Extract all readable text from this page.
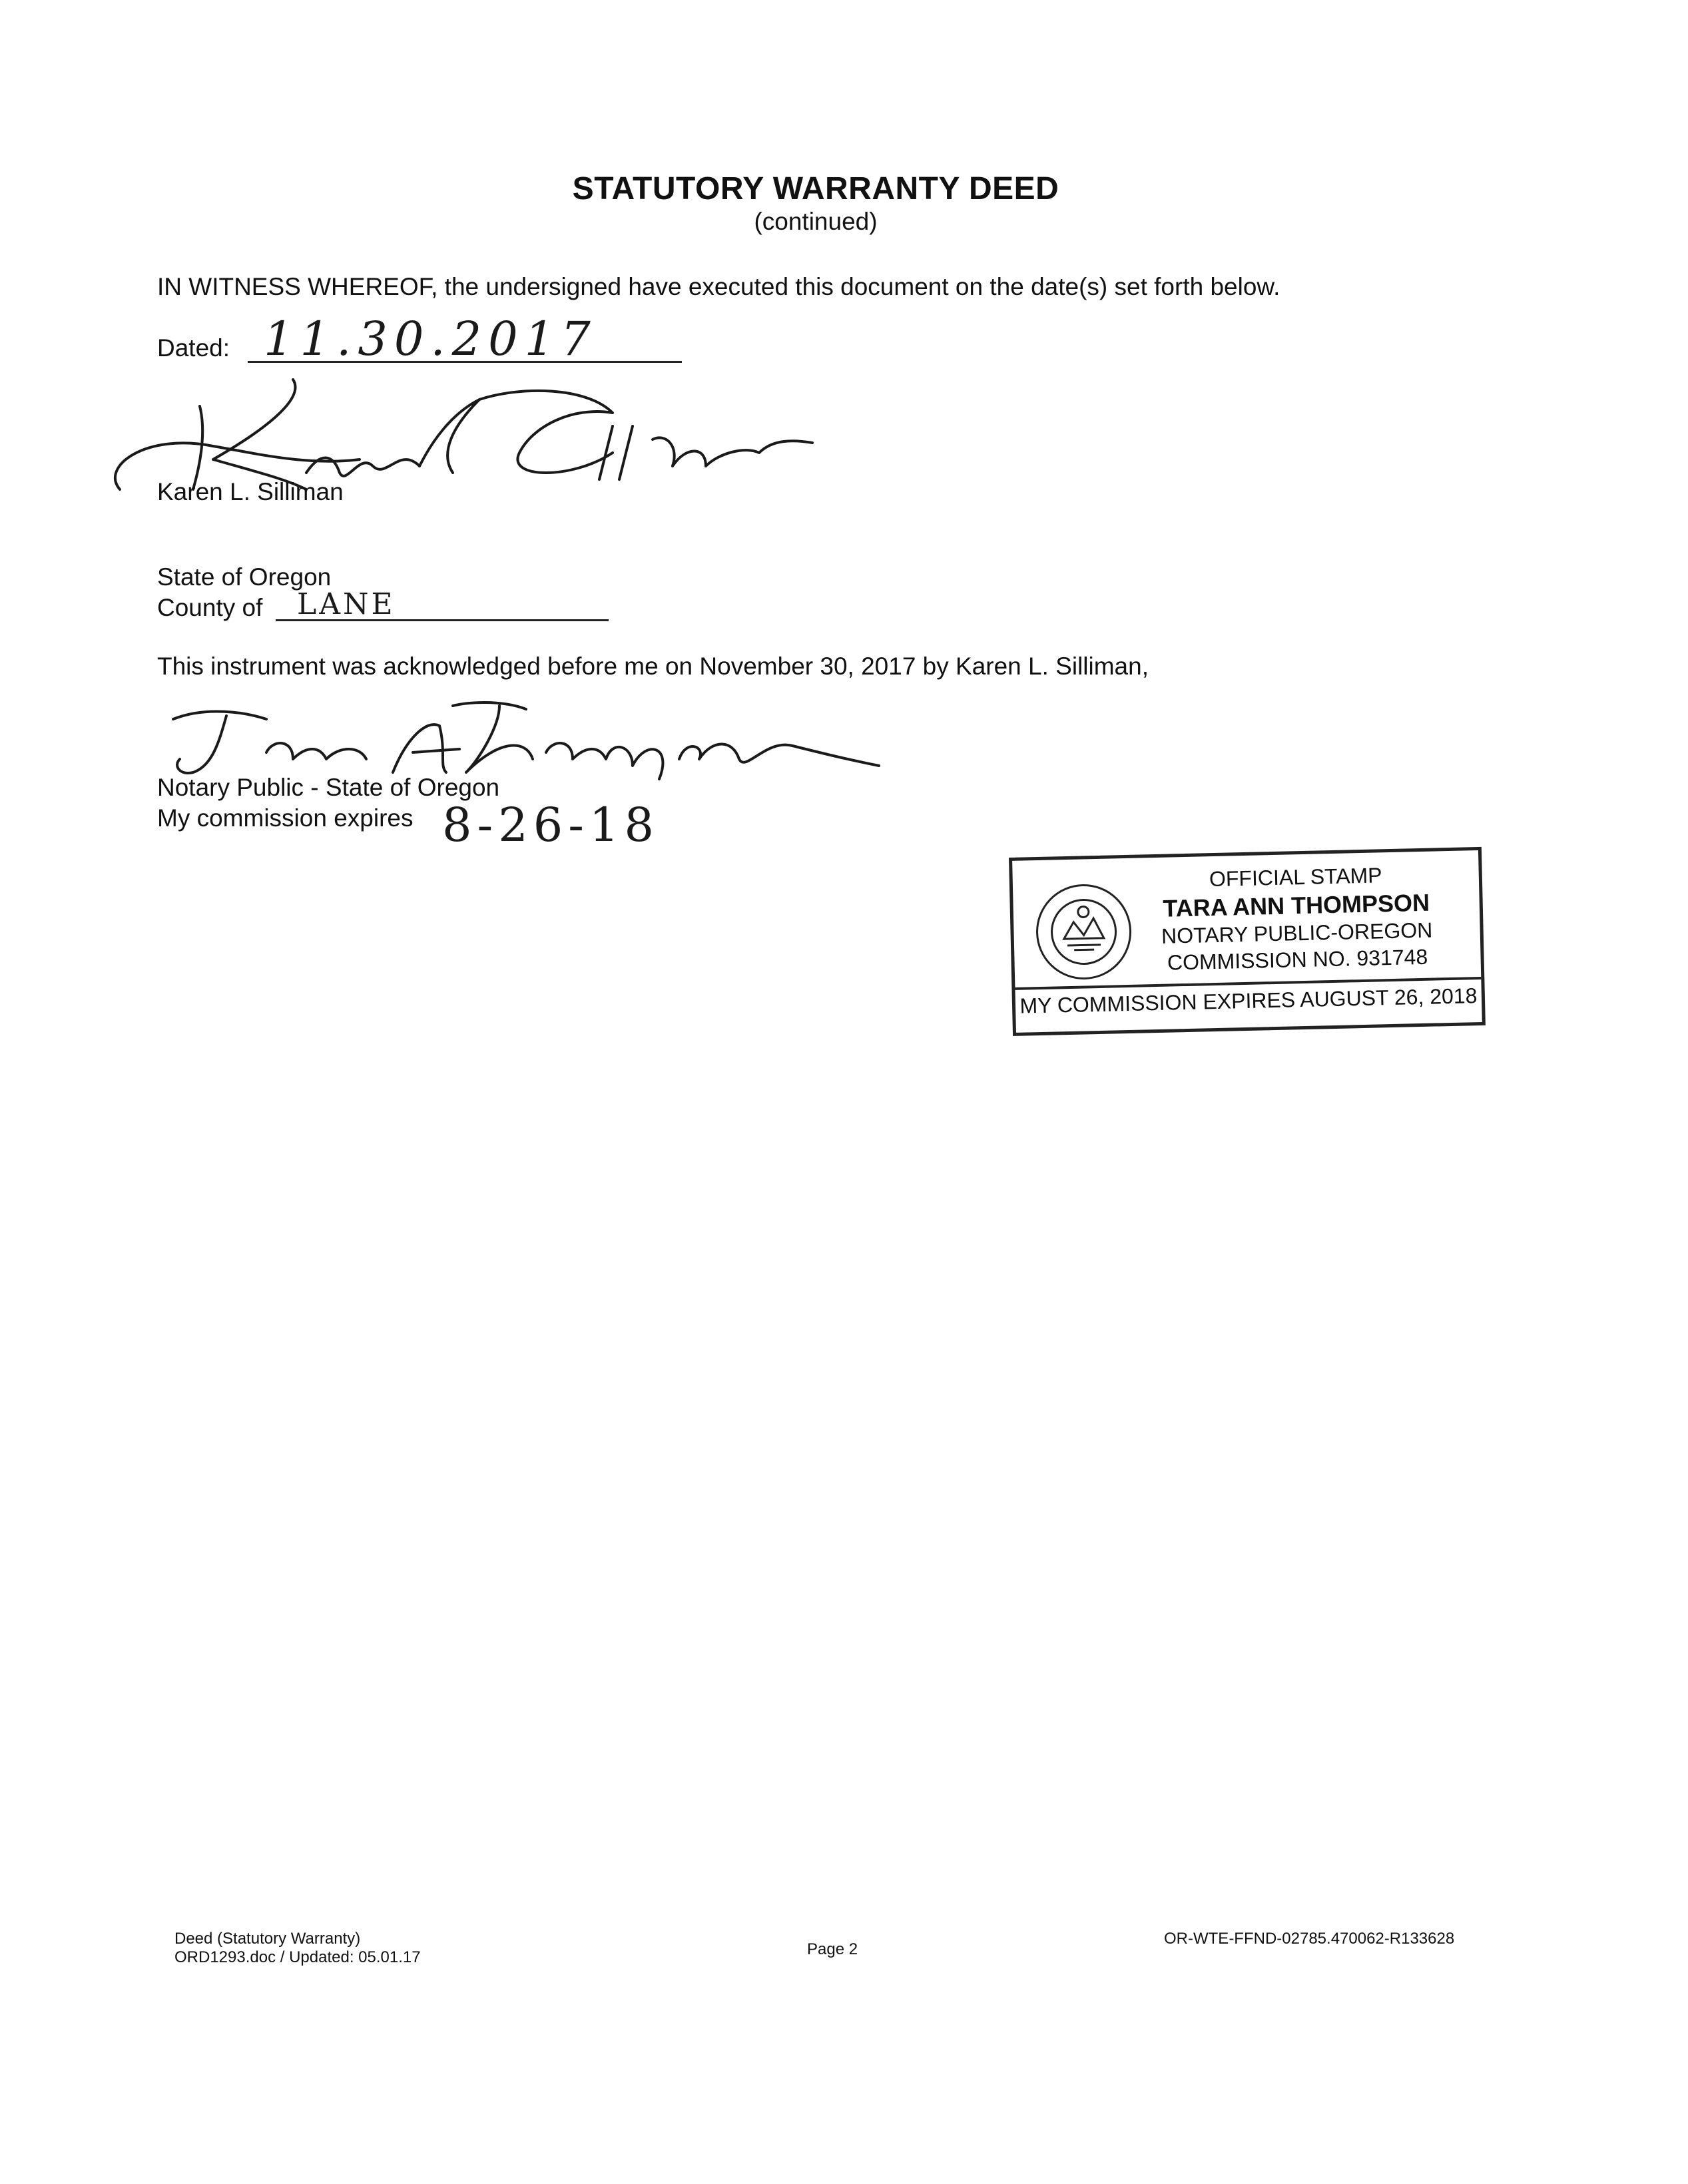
STATUTORY WARRANTY DEED
(continued)
IN WITNESS WHEREOF, the undersigned have executed this document on the date(s) set forth below.
Dated: 11.30.2017
Karen L. Silliman
State of Oregon
County of LANE
This instrument was acknowledged before me on November 30, 2017 by Karen L. Silliman,
Notary Public - State of Oregon
My commission expires 8-26-18
OFFICIAL STAMP
TARA ANN THOMPSON
NOTARY PUBLIC-OREGON
COMMISSION NO. 931748
MY COMMISSION EXPIRES AUGUST 26, 2018
Deed (Statutory Warranty)
ORD1293.doc / Updated: 05.01.17	Page 2
OR-WTE-FFND-02785.470062-R133628
